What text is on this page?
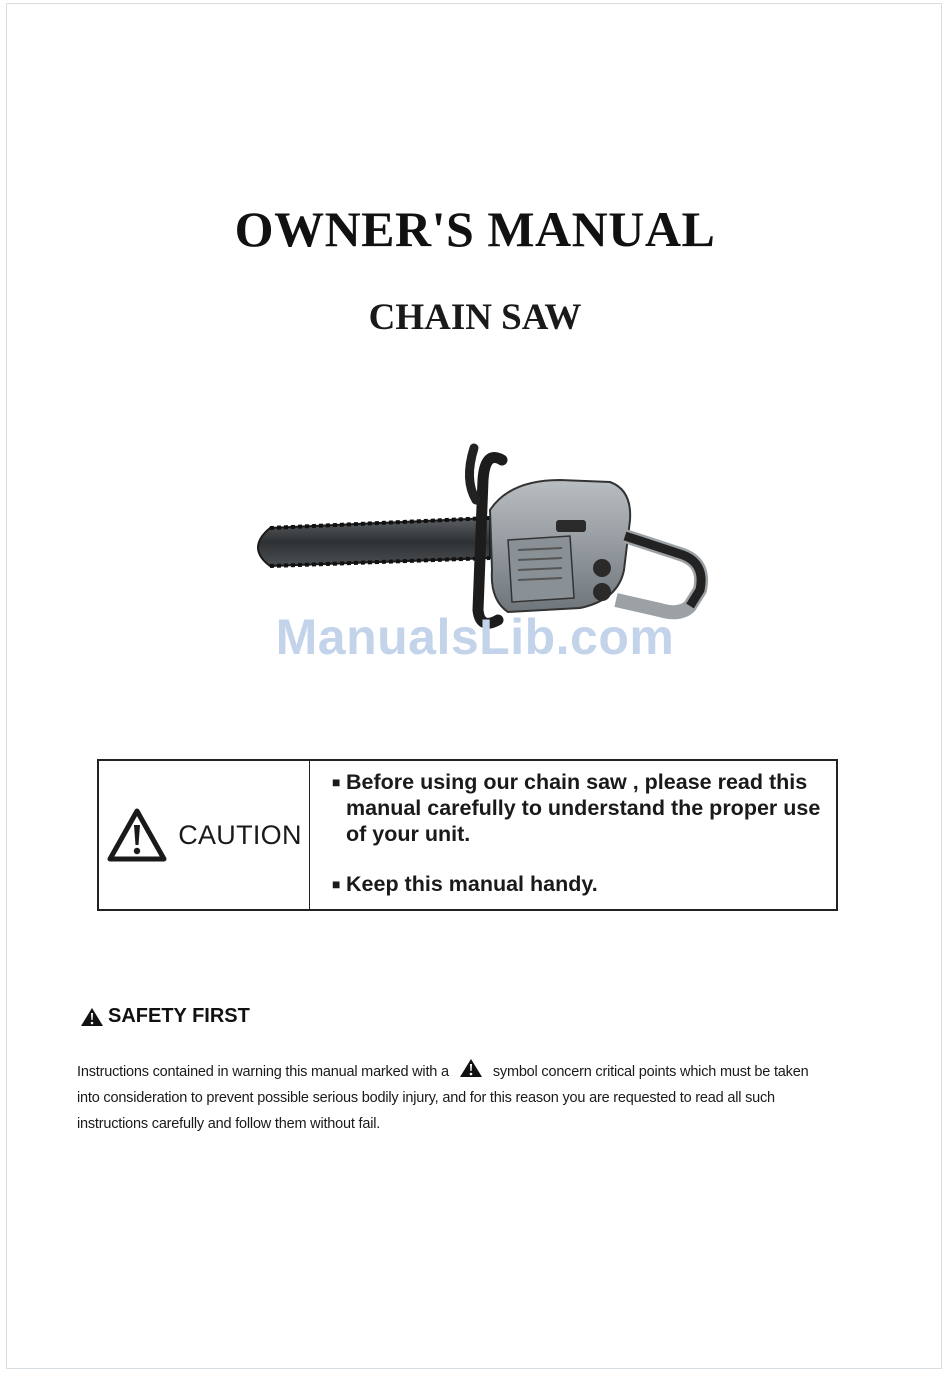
OWNER'S MANUAL
CHAIN SAW
ManualsLib.com
CAUTION
■ Before using our chain saw , please read this
manual carefully to understand the proper use
of your unit.
■ Keep this manual handy.
SAFETY FIRST
Instructions contained in warning this manual marked with a	symbol concern critical points which must be taken
into consideration to prevent possible serious bodily injury, and for this reason you are requested to read all such
instructions carefully and follow them without fail.
